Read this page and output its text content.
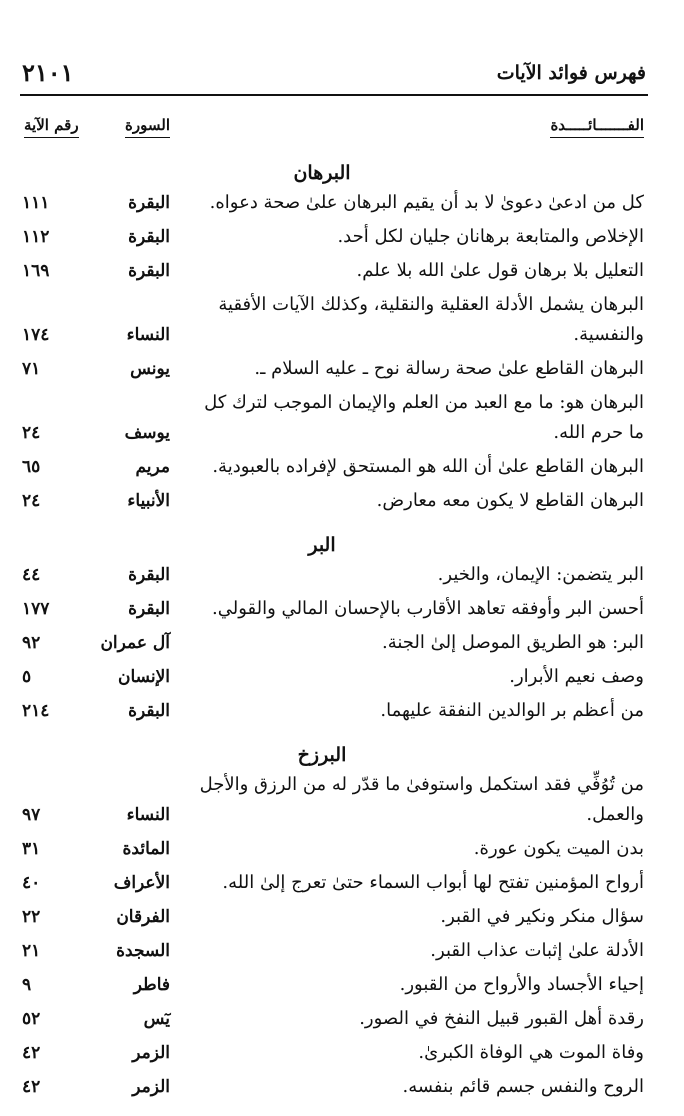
فهرس فوائد الآيات
٢١٠١
الفـــــــائـــــدة
السورة
رقم الآية
البرهان
كل من ادعىٰ دعوىٰ لا بد أن يقيم البرهان علىٰ صحة دعواه.
البقرة
١١١
الإخلاص والمتابعة برهانان جليان لكل أحد.
البقرة
١١٢
التعليل بلا برهان قول علىٰ الله بلا علم.
البقرة
١٦٩
البرهان يشمل الأدلة العقلية والنقلية، وكذلك الآيات الأفقية والنفسية.
النساء
١٧٤
البرهان القاطع علىٰ صحة رسالة نوح ـ عليه السلام ـ.
يونس
٧١
البرهان هو: ما مع العبد من العلم والإيمان الموجب لترك كل ما حرم الله.
يوسف
٢٤
البرهان القاطع علىٰ أن الله هو المستحق لإفراده بالعبودية.
مريم
٦٥
البرهان القاطع لا يكون معه معارض.
الأنبياء
٢٤
البر
البر يتضمن: الإيمان، والخير.
البقرة
٤٤
أحسن البر وأوفقه تعاهد الأقارب بالإحسان المالي والقولي.
البقرة
١٧٧
البر: هو الطريق الموصل إلىٰ الجنة.
آل عمران
٩٢
وصف نعيم الأبرار.
الإنسان
٥
من أعظم بر الوالدين النفقة عليهما.
البقرة
٢١٤
البرزخ
من تُوُفِّي فقد استكمل واستوفىٰ ما قدّر له من الرزق والأجل والعمل.
النساء
٩٧
بدن الميت يكون عورة.
المائدة
٣١
أرواح المؤمنين تفتح لها أبواب السماء حتىٰ تعرج إلىٰ الله.
الأعراف
٤٠
سؤال منكر ونكير في القبر.
الفرقان
٢٢
الأدلة علىٰ إثبات عذاب القبر.
السجدة
٢١
إحياء الأجساد والأرواح من القبور.
فاطر
٩
رقدة أهل القبور قبيل النفخ في الصور.
يٓس
٥٢
وفاة الموت هي الوفاة الكبرىٰ.
الزمر
٤٢
الروح والنفس جسم قائم بنفسه.
الزمر
٤٢
